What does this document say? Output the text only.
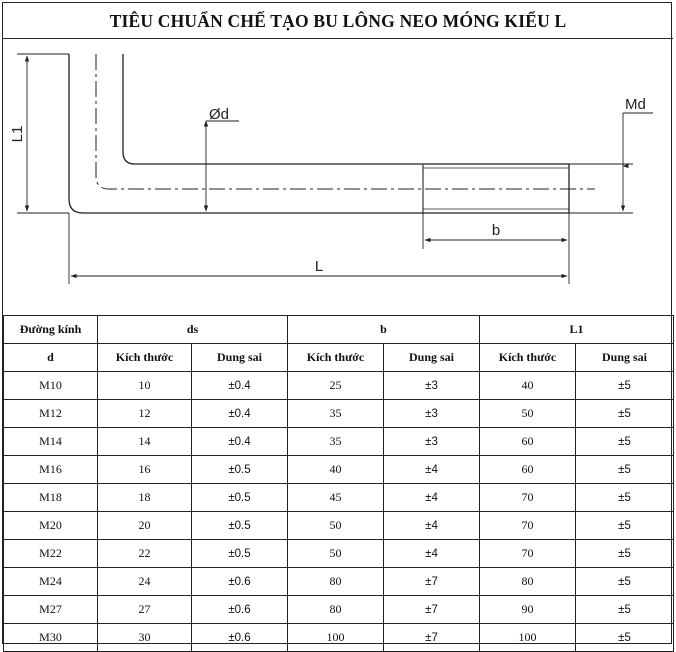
TIÊU CHUẨN CHẾ TẠO BU LÔNG NEO MÓNG KIỂU L
L1
Ød
Md
b
L
Đường kính	ds		b		L1	
d	Kích thước	Dung sai	Kích thước	Dung sai	Kích thước	Dung sai
M10	10	±0.4	25	±3	40	±5
M12	12	±0.4	35	±3	50	±5
M14	14	±0.4	35	±3	60	±5
M16	16	±0.5	40	±4	60	±5
M18	18	±0.5	45	±4	70	±5
M20	20	±0.5	50	±4	70	±5
M22	22	±0.5	50	±4	70	±5
M24	24	±0.6	80	±7	80	±5
M27	27	±0.6	80	±7	90	±5
M30	30	±0.6	100	±7	100	±5
